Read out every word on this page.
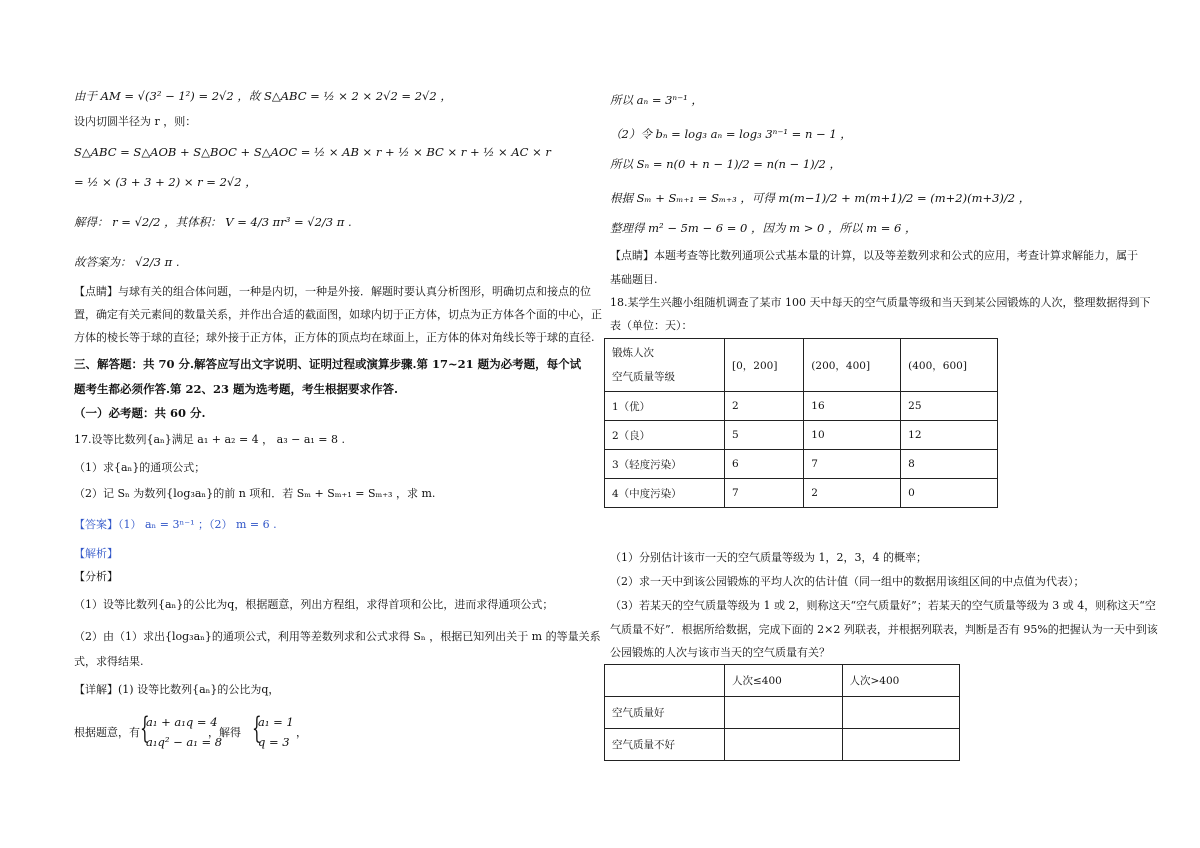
由于 AM = √(3² − 1²) = 2√2 ，故 S△ABC = ½ × 2 × 2√2 = 2√2 ，
设内切圆半径为 r ，则：
S△ABC = S△AOB + S△BOC + S△AOC = ½ × AB × r + ½ × BC × r + ½ × AC × r
= ½ × (3 + 3 + 2) × r = 2√2 ，
解得： r = √2/2 ，其体积： V = 4/3 πr³ = √2/3 π .
故答案为： √2/3 π .
【点睛】与球有关的组合体问题，一种是内切，一种是外接．解题时要认真分析图形，明确切点和接点的位
置，确定有关元素间的数量关系，并作出合适的截面图，如球内切于正方体，切点为正方体各个面的中心，正
方体的棱长等于球的直径；球外接于正方体，正方体的顶点均在球面上，正方体的体对角线长等于球的直径.
三、解答题：共 70 分.解答应写出文字说明、证明过程或演算步骤.第 17~21 题为必考题，每个试
题考生都必须作答.第 22、23 题为选考题，考生根据要求作答.
（一）必考题：共 60 分.
17.设等比数列{aₙ}满足 a₁ + a₂ = 4 ， a₃ − a₁ = 8 .
（1）求{aₙ}的通项公式；
（2）记 Sₙ 为数列{log₃aₙ}的前 n 项和．若 Sₘ + Sₘ₊₁ = Sₘ₊₃ ，求 m.
【答案】（1） aₙ = 3ⁿ⁻¹ ；（2） m = 6 .
【解析】
【分析】
（1）设等比数列{aₙ}的公比为q，根据题意，列出方程组，求得首项和公比，进而求得通项公式；
（2）由（1）求出{log₃aₙ}的通项公式，利用等差数列求和公式求得 Sₙ ，根据已知列出关于 m 的等量关系
式，求得结果.
【详解】(1) 设等比数列{aₙ}的公比为q，
根据题意，有 {
a₁ + a₁q = 4
a₁q² − a₁ = 8
，解得 {
a₁ = 1
q = 3
，
所以 aₙ = 3ⁿ⁻¹ ，
（2）令 bₙ = log₃ aₙ = log₃ 3ⁿ⁻¹ = n − 1 ，
所以 Sₙ = n(0 + n − 1)/2 = n(n − 1)/2 ，
根据 Sₘ + Sₘ₊₁ = Sₘ₊₃ ，可得 m(m−1)/2 + m(m+1)/2 = (m+2)(m+3)/2 ，
整理得 m² − 5m − 6 = 0 ，因为 m > 0 ，所以 m = 6 ，
【点睛】本题考查等比数列通项公式基本量的计算，以及等差数列求和公式的应用，考查计算求解能力，属于
基础题目.
18.某学生兴趣小组随机调查了某市 100 天中每天的空气质量等级和当天到某公园锻炼的人次，整理数据得到下
表（单位：天）：
锻炼人次
空气质量等级	[0，200]	(200，400]	(400，600]
1（优）	2	16	25
2（良）	5	10	12
3（轻度污染）	6	7	8
4（中度污染）	7	2	0
（1）分别估计该市一天的空气质量等级为 1，2，3，4 的概率；
（2）求一天中到该公园锻炼的平均人次的估计值（同一组中的数据用该组区间的中点值为代表）；
（3）若某天的空气质量等级为 1 或 2，则称这天“空气质量好”；若某天的空气质量等级为 3 或 4，则称这天“空
气质量不好”．根据所给数据，完成下面的 2×2 列联表，并根据列联表，判断是否有 95%的把握认为一天中到该
公园锻炼的人次与该市当天的空气质量有关？
	人次≤400	人次>400
空气质量好		
空气质量不好		
